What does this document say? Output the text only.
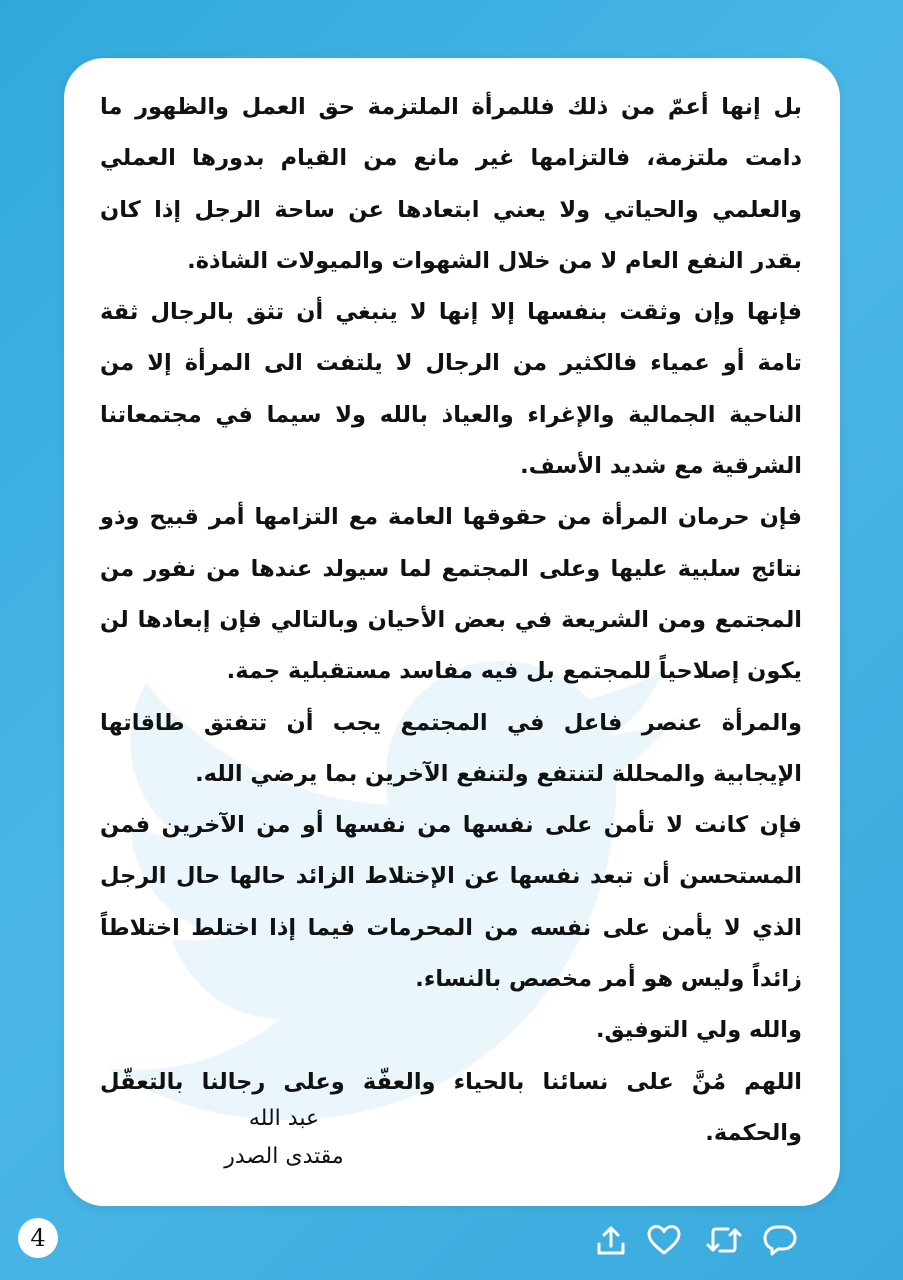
بل إنها أعمّ من ذلك فللمرأة الملتزمة حق العمل والظهور ما دامت ملتزمة، فالتزامها غير مانع من القيام بدورها العملي والعلمي والحياتي ولا يعني ابتعادها عن ساحة الرجل إذا كان بقدر النفع العام لا من خلال الشهوات والميولات الشاذة.

فإنها وإن وثقت بنفسها إلا إنها لا ينبغي أن تثق بالرجال ثقة تامة أو عمياء فالكثير من الرجال لا يلتفت الى المرأة إلا من الناحية الجمالية والإغراء والعياذ بالله ولا سيما في مجتمعاتنا الشرقية مع شديد الأسف.

فإن حرمان المرأة من حقوقها العامة مع التزامها أمر قبيح وذو نتائج سلبية عليها وعلى المجتمع لما سيولد عندها من نفور من المجتمع ومن الشريعة في بعض الأحيان وبالتالي فإن إبعادها لن يكون إصلاحياً للمجتمع بل فيه مفاسد مستقبلية جمة.

والمرأة عنصر فاعل في المجتمع يجب أن تتفتق طاقاتها الإيجابية والمحللة لتنتفع ولتنفع الآخرين بما يرضي الله.

فإن كانت لا تأمن على نفسها من نفسها أو من الآخرين فمن المستحسن أن تبعد نفسها عن الإختلاط الزائد حالها حال الرجل الذي لا يأمن على نفسه من المحرمات فيما إذا اختلط اختلاطاً زائداً وليس هو أمر مخصص بالنساء.

والله ولي التوفيق.

اللهم مُنَّ على نسائنا بالحياء والعفّة وعلى رجالنا بالتعقّل والحكمة.

عبد الله
مقتدى الصدر
4
